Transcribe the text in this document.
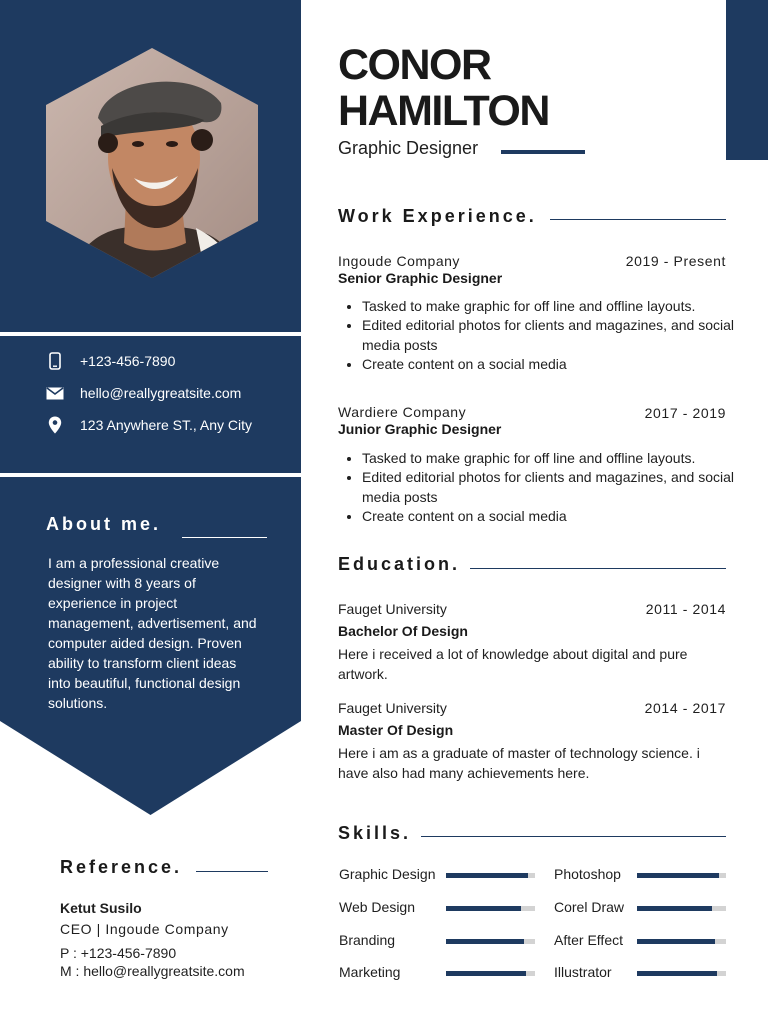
+123-456-7890
hello@reallygreatsite.com
123 Anywhere ST., Any City
About me.
I am a professional creative designer with 8 years of experience in project management, advertisement, and computer aided design. Proven ability to transform client ideas into beautiful, functional design solutions.
Reference.
Ketut Susilo
CEO | Ingoude Company
P : +123-456-7890
M : hello@reallygreatsite.com
CONOR
HAMILTON
Graphic Designer
Work Experience.
Ingoude Company	2019 - Present
Senior Graphic Designer
• Tasked to make graphic for off line and offline layouts.
• Edited editorial photos for clients and magazines, and social media posts
• Create content on a social media
Wardiere Company	2017 - 2019
Junior Graphic Designer
• Tasked to make graphic for off line and offline layouts.
• Edited editorial photos for clients and magazines, and social media posts
• Create content on a social media
Education.
Fauget University	2011 - 2014
Bachelor Of Design
Here i received a lot of knowledge about digital and pure artwork.
Fauget University	2014 - 2017
Master Of Design
Here i am as a graduate of master of technology science. i have also had many achievements here.
Skills.
Graphic Design
Web Design
Branding
Marketing
Photoshop
Corel Draw
After Effect
Illustrator
